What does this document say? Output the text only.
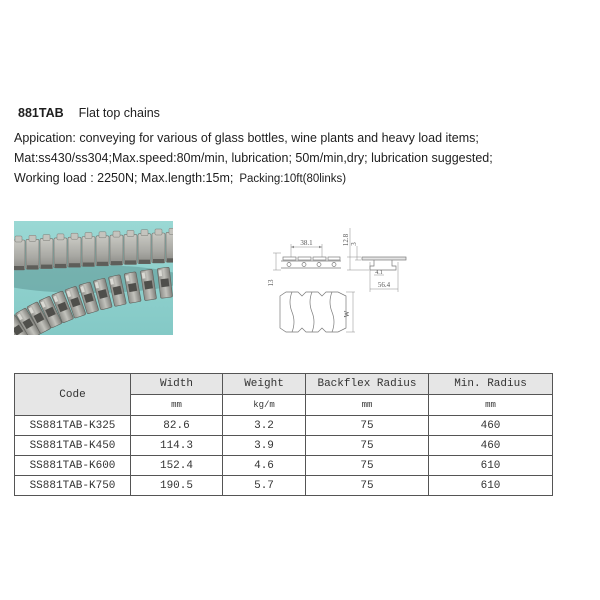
881TAB Flat top chains
Appication: conveying for various of glass bottles, wine plants and heavy load items;
Mat:ss430/ss304;Max.speed:80m/min, lubrication; 50m/min,dry; lubrication suggested;
Working load : 2250N; Max.length:15m; Packing:10ft(80links)
38.1
13
12.8 3
4.1
56.4
W
Code	Width	Weight	Backflex Radius	Min. Radius
	mm	kg/m	mm	mm
SS881TAB-K325	82.6	3.2	75	460
SS881TAB-K450	114.3	3.9	75	460
SS881TAB-K600	152.4	4.6	75	610
SS881TAB-K750	190.5	5.7	75	610
